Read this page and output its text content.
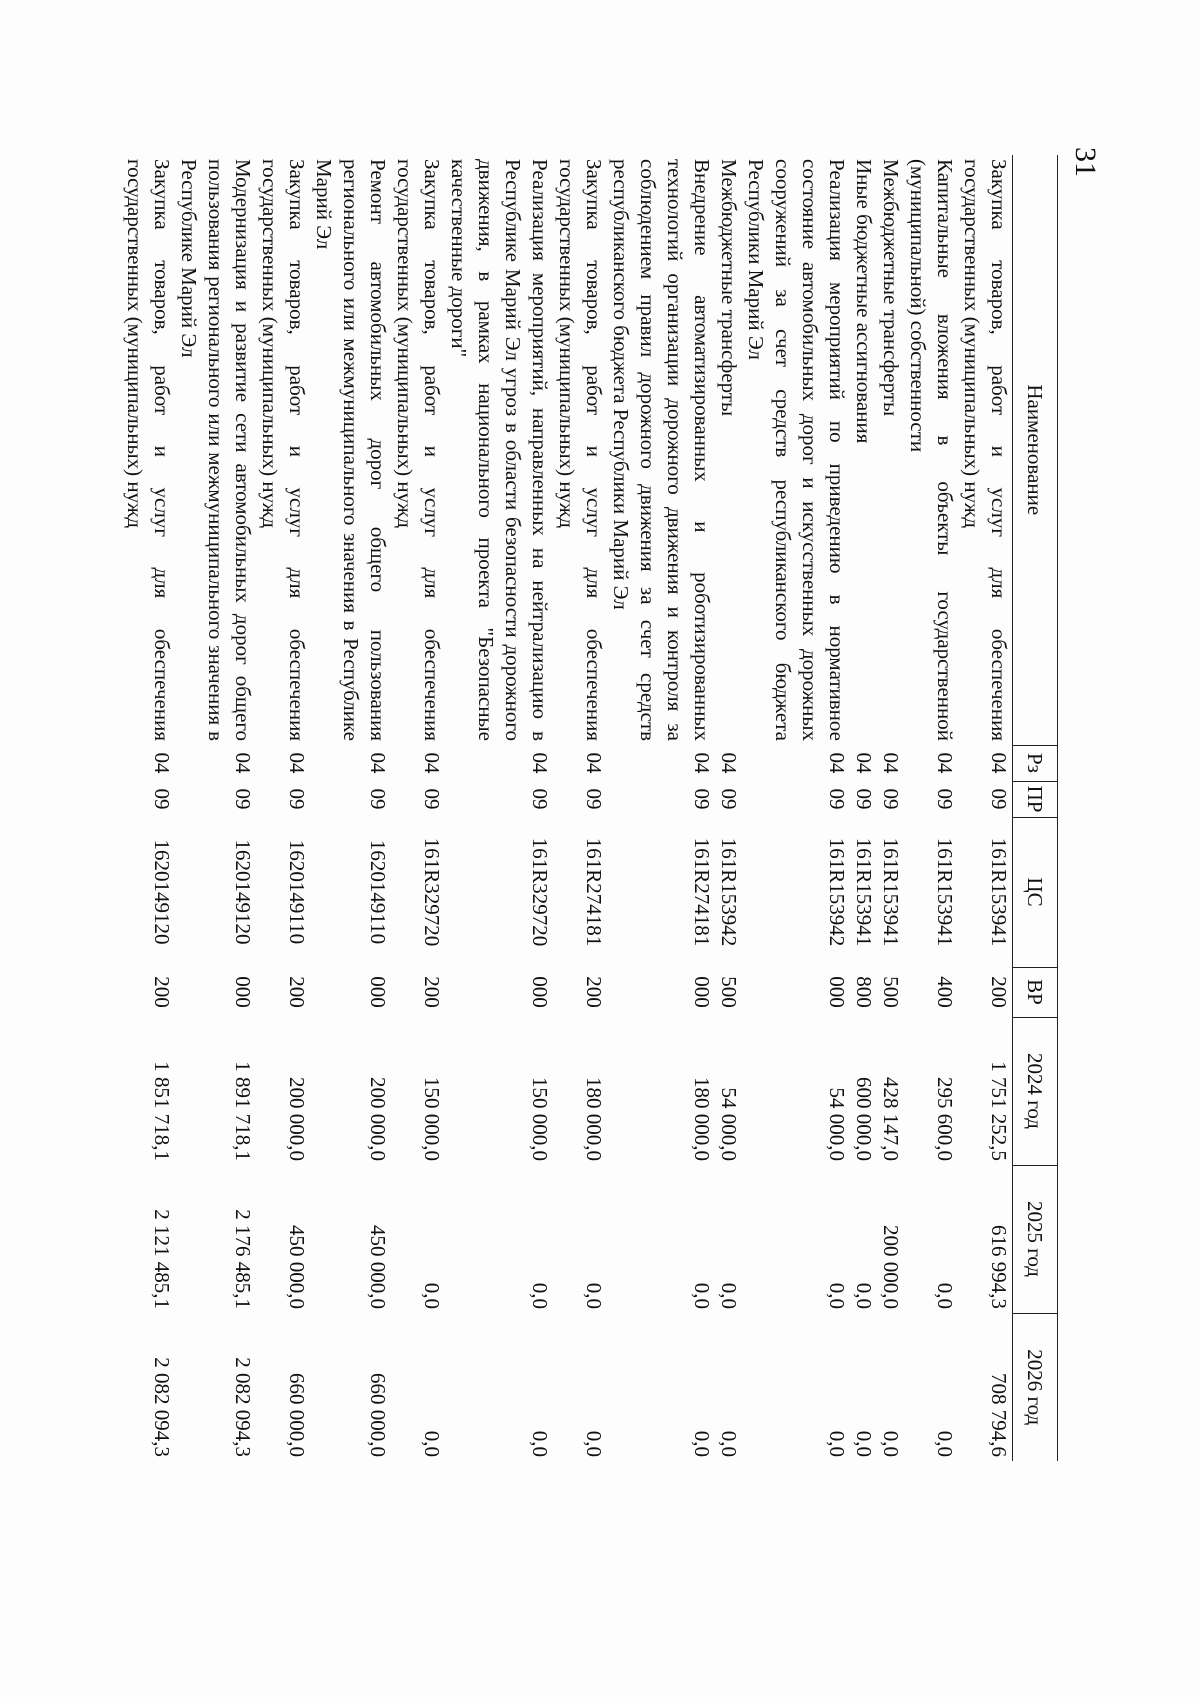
31
Наименование	Рз	ПР	ЦС	ВР	2024 год	2025 год	2026 год
Закупка товаров, работ и услуг для обеспечения государственных (муниципальных) нужд	04	09	161R153941	200	1 751 252,5	616 994,3	708 794,6

Капитальные вложения в объекты государственной (муниципальной) собственности	04	09	161R153941	400	295 600,0	0,0	0,0

Межбюджетные трансферты	04	09	161R153941	500	428 147,0	200 000,0	0,0

Иные бюджетные ассигнования	04	09	161R153941	800	600 000,0	0,0	0,0

Реализация мероприятий по приведению в нормативное состояние автомобильных дорог и искусственных дорожных сооружений за счет средств республиканского бюджета Республики Марий Эл	04	09	161R153942	000	54 000,0	0,0	0,0

Межбюджетные трансферты	04	09	161R153942	500	54 000,0	0,0	0,0

Внедрение автоматизированных и роботизированных технологий организации дорожного движения и контроля за соблюдением правил дорожного движения за счет средств республиканского бюджета Республики Марий Эл	04	09	161R274181	000	180 000,0	0,0	0,0

Закупка товаров, работ и услуг для обеспечения государственных (муниципальных) нужд	04	09	161R274181	200	180 000,0	0,0	0,0

Реализация мероприятий, направленных на нейтрализацию в Республике Марий Эл угроз в области безопасности дорожного движения, в рамках национального проекта "Безопасные качественные дороги"	04	09	161R329720	000	150 000,0	0,0	0,0

Закупка товаров, работ и услуг для обеспечения государственных (муниципальных) нужд	04	09	161R329720	200	150 000,0	0,0	0,0

Ремонт автомобильных дорог общего пользования регионального или межмуниципального значения в Республике Марий Эл	04	09	1620149110	000	200 000,0	450 000,0	660 000,0

Закупка товаров, работ и услуг для обеспечения государственных (муниципальных) нужд	04	09	1620149110	200	200 000,0	450 000,0	660 000,0

Модернизация и развитие сети автомобильных дорог общего пользования регионального или межмуниципального значения в Республике Марий Эл	04	09	1620149120	000	1 891 718,1	2 176 485,1	2 082 094,3

Закупка товаров, работ и услуг для обеспечения государственных (муниципальных) нужд	04	09	1620149120	200	1 851 718,1	2 121 485,1	2 082 094,3
